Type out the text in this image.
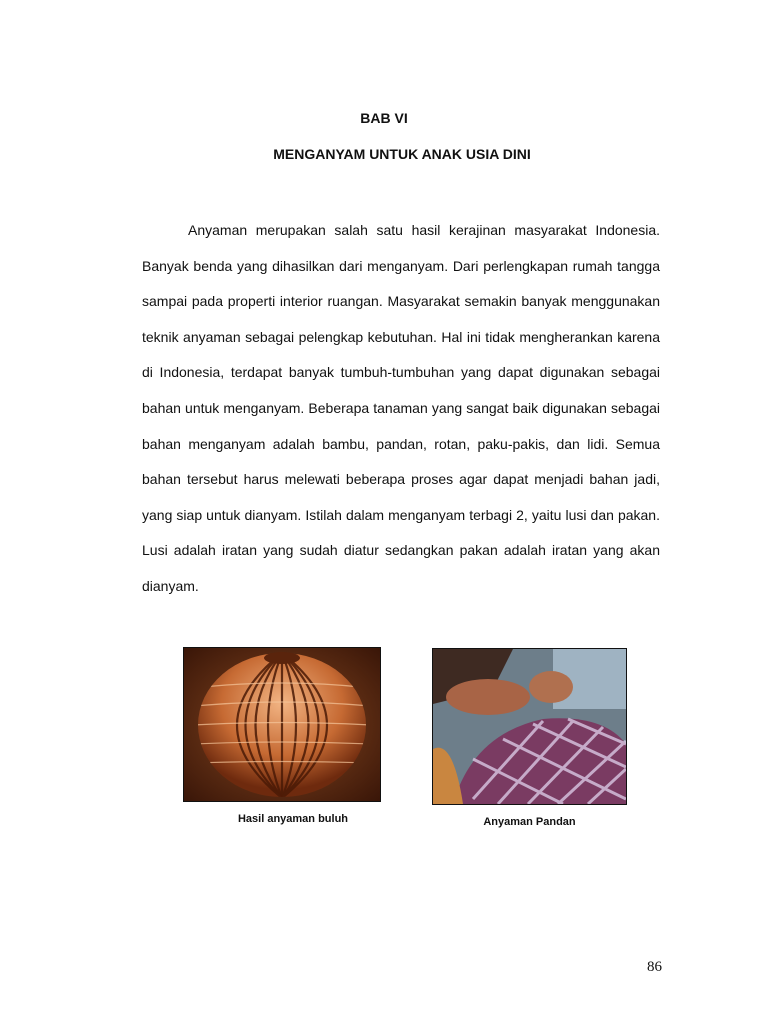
BAB VI
MENGANYAM UNTUK ANAK USIA DINI

Anyaman merupakan salah satu hasil kerajinan masyarakat Indonesia. Banyak benda yang dihasilkan dari menganyam. Dari perlengkapan rumah tangga sampai pada properti interior ruangan. Masyarakat semakin banyak menggunakan teknik anyaman sebagai pelengkap kebutuhan. Hal ini tidak mengherankan karena di Indonesia, terdapat banyak tumbuh-tumbuhan yang dapat digunakan sebagai bahan untuk menganyam. Beberapa tanaman yang sangat baik digunakan sebagai bahan menganyam adalah bambu, pandan, rotan, paku-pakis, dan lidi. Semua bahan tersebut harus melewati beberapa proses agar dapat menjadi bahan jadi, yang siap untuk dianyam. Istilah dalam menganyam terbagi 2, yaitu lusi dan pakan. Lusi adalah iratan yang sudah diatur sedangkan pakan adalah iratan yang akan dianyam.

Hasil anyaman buluh	Anyaman Pandan

86
